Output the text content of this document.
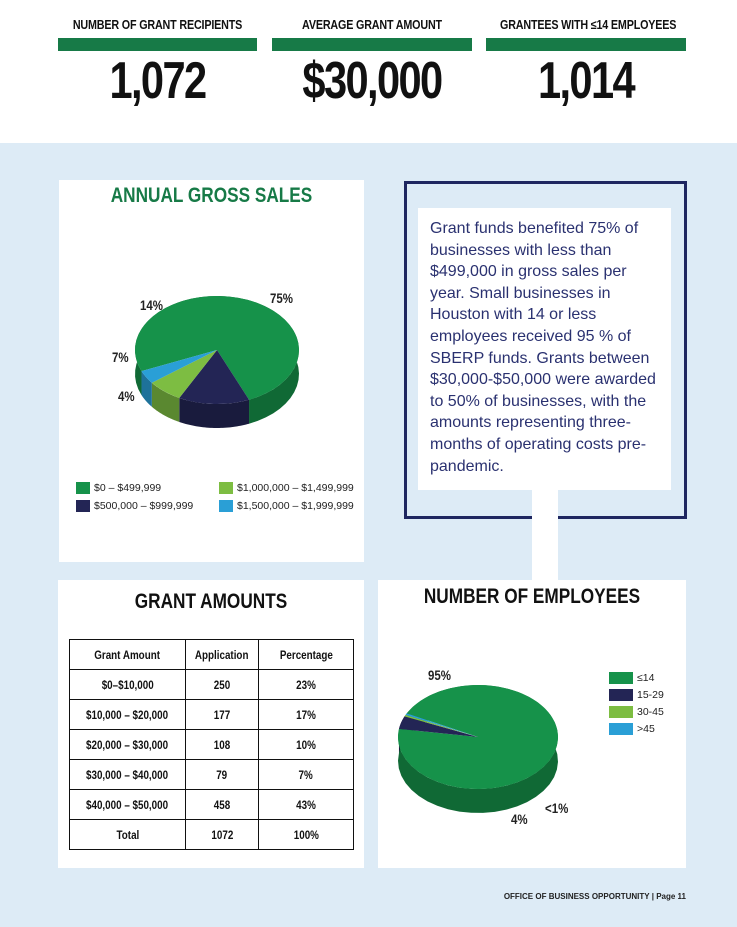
NUMBER OF GRANT RECIPIENTS
1,072
AVERAGE GRANT AMOUNT
$30,000
GRANTEES WITH ≤14 EMPLOYEES
1,014
ANNUAL GROSS SALES
75%
14%
7%
4%
$0 – $499,999	$1,000,000 – $1,499,999
$500,000 – $999,999	$1,500,000 – $1,999,999
Grant funds benefited 75% of businesses with less than $499,000 in gross sales per year. Small businesses in Houston with 14 or less employees received 95 % of SBERP funds. Grants between $30,000-$50,000 were awarded to 50% of businesses, with the amounts representing three-months of operating costs pre-pandemic.
GRANT AMOUNTS
Grant Amount	Application	Percentage
$0–$10,000	250	23%
$10,000 – $20,000	177	17%
$20,000 – $30,000	108	10%
$30,000 – $40,000	79	7%
$40,000 – $50,000	458	43%
Total	1072	100%
NUMBER OF EMPLOYEES
95%
4%
<1%
≤14
15-29
30-45
>45
OFFICE OF BUSINESS OPPORTUNITY | Page 11
